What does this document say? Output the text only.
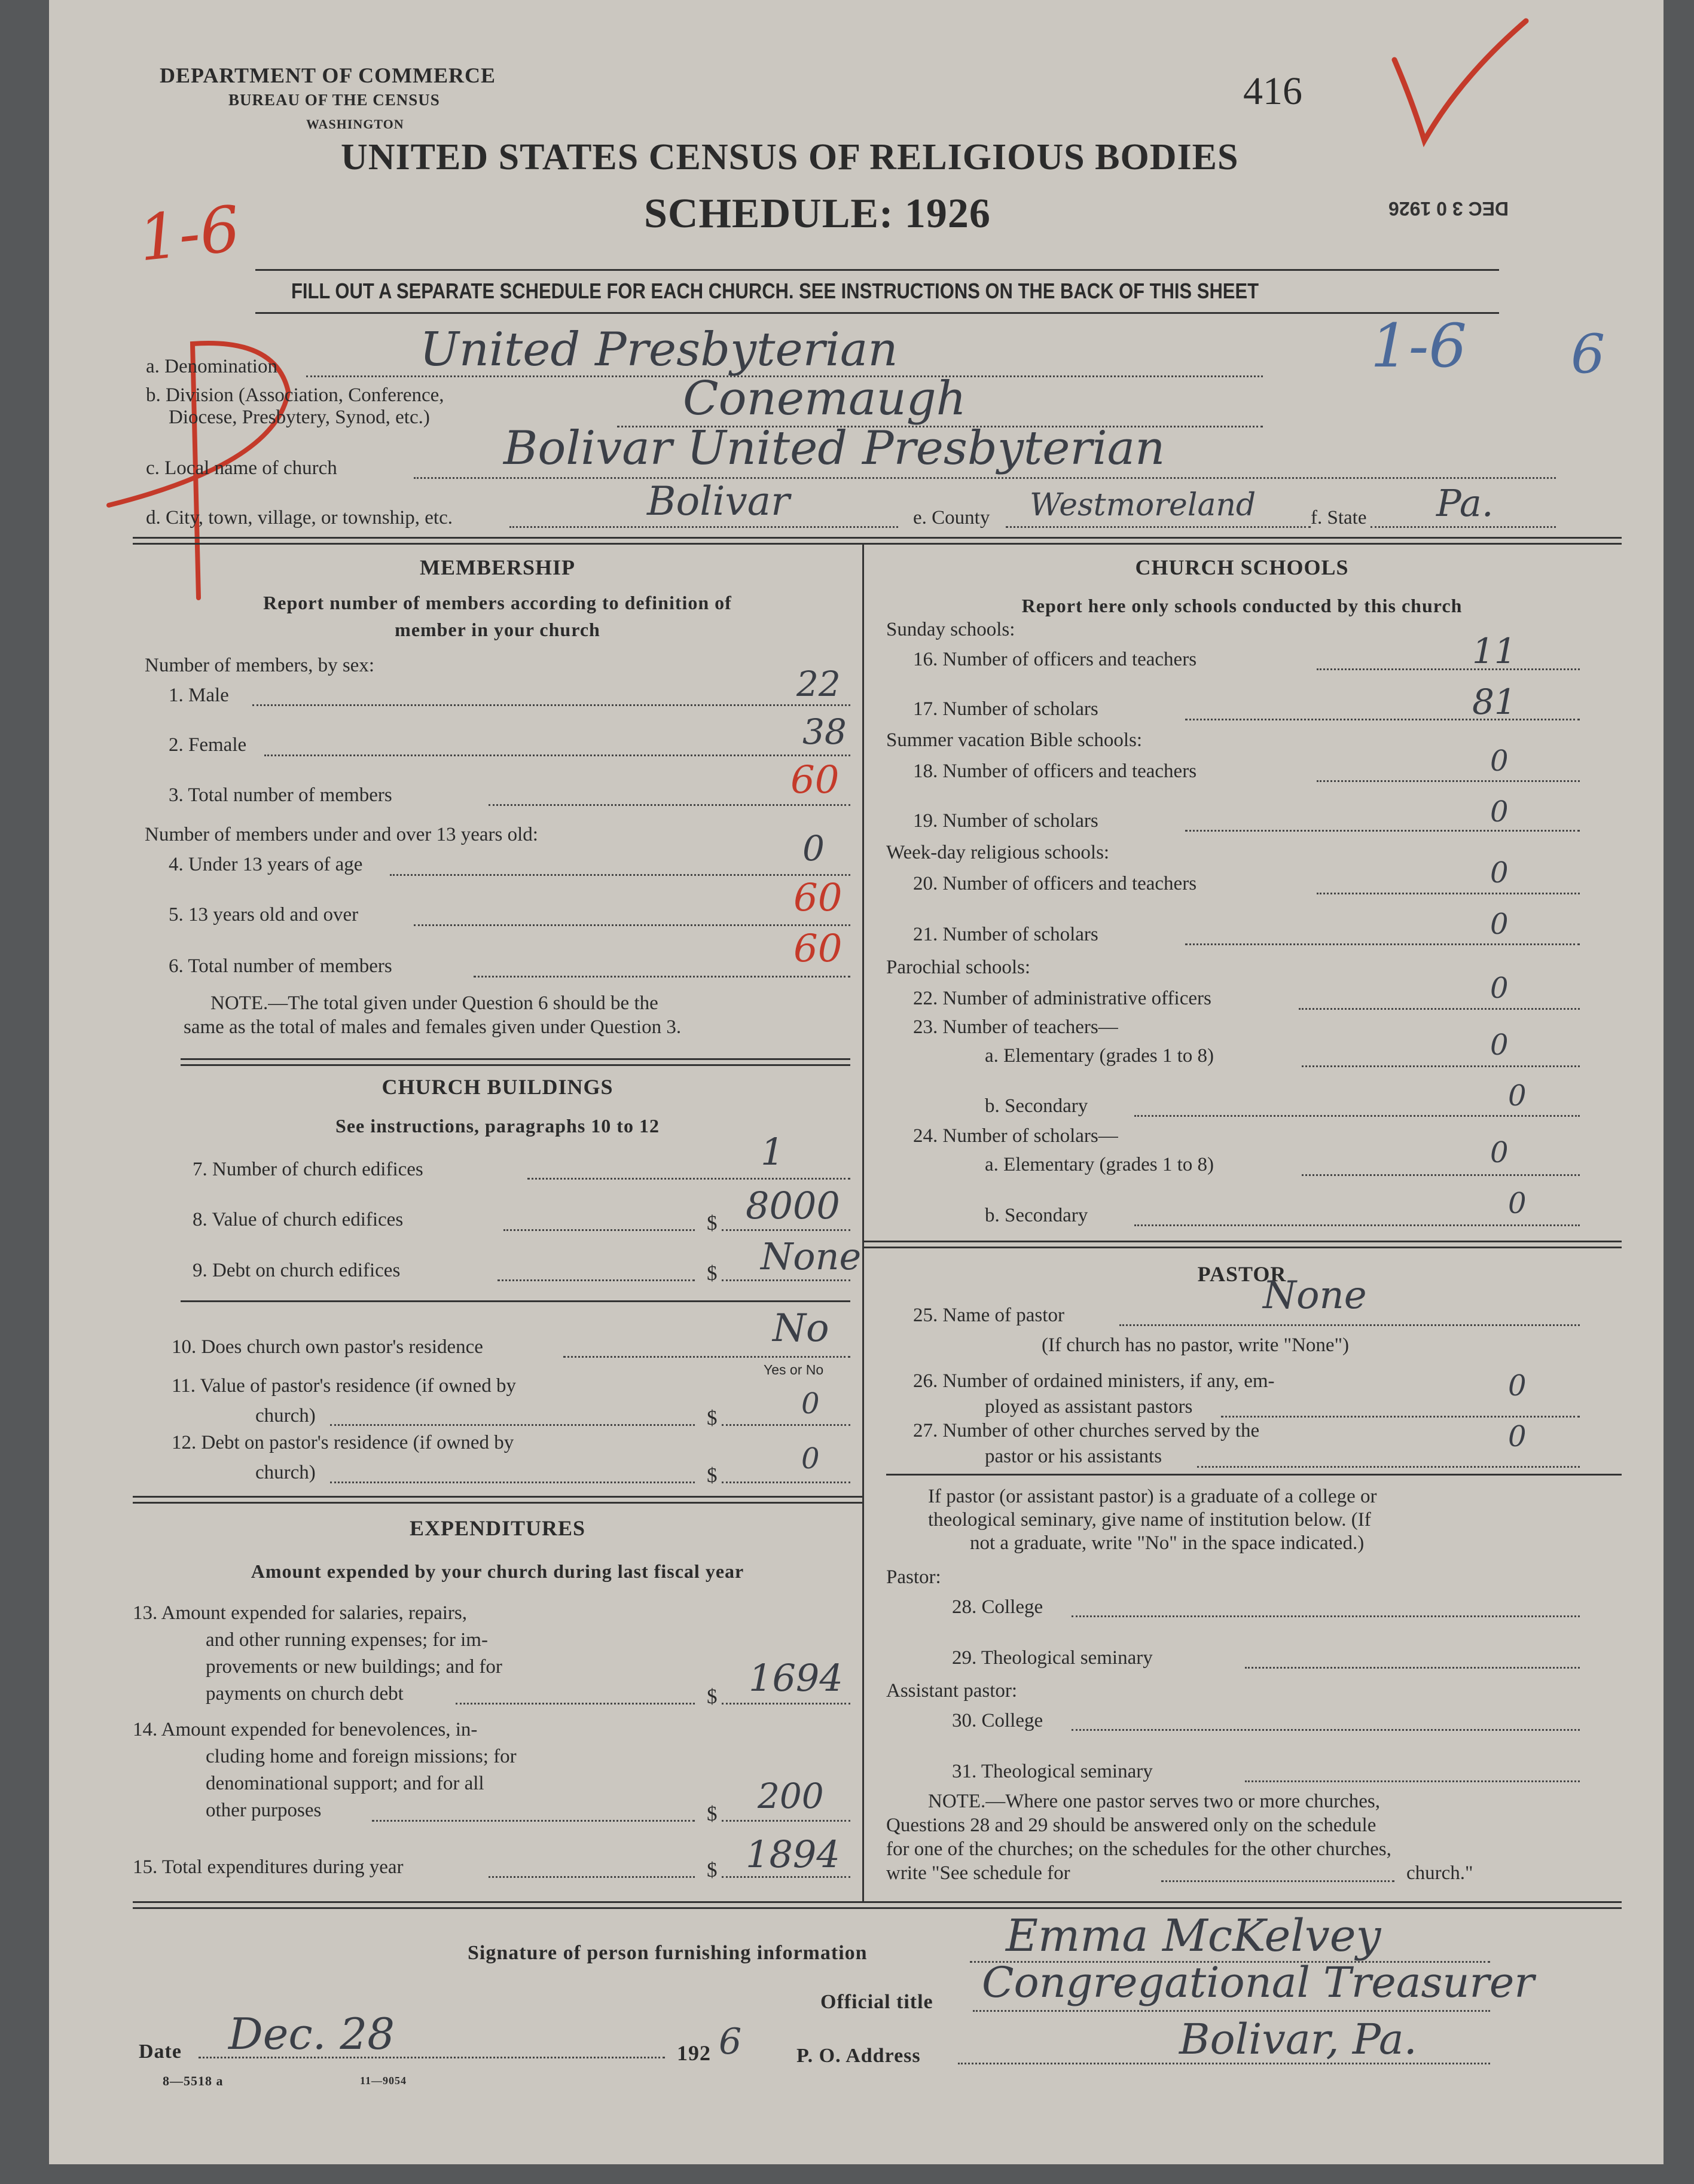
DEPARTMENT OF COMMERCE
BUREAU OF THE CENSUS
WASHINGTON
UNITED STATES CENSUS OF RELIGIOUS BODIES
SCHEDULE: 1926
416
DEC 3 0 1926
1-6
1-6 6
FILL OUT A SEPARATE SCHEDULE FOR EACH CHURCH. SEE INSTRUCTIONS ON THE BACK OF THIS SHEET
a. Denomination	United Presbyterian
b. Division (Association, Conference,
Diocese, Presbytery, Synod, etc.)	Conemaugh
c. Local name of church	Bolivar United Presbyterian
d. City, town, village, or township, etc.	Bolivar	e. County Westmoreland	f. State Pa.
MEMBERSHIP
Report number of members according to definition of
member in your church
Number of members, by sex:
1. Male	22
2. Female	38
3. Total number of members	60
Number of members under and over 13 years old:
4. Under 13 years of age	0
5. 13 years old and over	60
6. Total number of members	60
NOTE.—The total given under Question 6 should be the
same as the total of males and females given under Question 3.
CHURCH BUILDINGS
See instructions, paragraphs 10 to 12
7. Number of church edifices	1
8. Value of church edifices	$ 8000
9. Debt on church edifices	$ None
10. Does church own pastor's residence	No
Yes or No
11. Value of pastor's residence (if owned by
church)	$	0
12. Debt on pastor's residence (if owned by
church)	$	0
EXPENDITURES
Amount expended by your church during last fiscal year
13. Amount expended for salaries, repairs,
and other running expenses; for im-
provements or new buildings; and for
payments on church debt	$ 1694
14. Amount expended for benevolences, in-
cluding home and foreign missions; for
denominational support; and for all
other purposes	$ 200
15. Total expenditures during year	$ 1894
CHURCH SCHOOLS
Report here only schools conducted by this church
Sunday schools:
16. Number of officers and teachers	11
17. Number of scholars	81
Summer vacation Bible schools:
18. Number of officers and teachers	0
19. Number of scholars	0
Week-day religious schools:
20. Number of officers and teachers	0
21. Number of scholars	0
Parochial schools:
22. Number of administrative officers	0
23. Number of teachers—
a. Elementary (grades 1 to 8)	0
b. Secondary	0
24. Number of scholars—
a. Elementary (grades 1 to 8)	0
b. Secondary	0
PASTOR
25. Name of pastor	None
(If church has no pastor, write "None")
26. Number of ordained ministers, if any, em-
ployed as assistant pastors
0
27. Number of other churches served by the
pastor or his assistants
0
If pastor (or assistant pastor) is a graduate of a college or
theological seminary, give name of institution below. (If
not a graduate, write "No" in the space indicated.)
Pastor:
28. College
29. Theological seminary
Assistant pastor:
30. College
31. Theological seminary
NOTE.—Where one pastor serves two or more churches,
Questions 28 and 29 should be answered only on the schedule
for one of the churches; on the schedules for the other churches,
write "See schedule for	church."
Signature of person furnishing information	Emma McKelvey
Official title Congregational Treasurer
Date Dec. 28	192 6	P. O. Address	Bolivar, Pa.
8—5518 a	11—9054
